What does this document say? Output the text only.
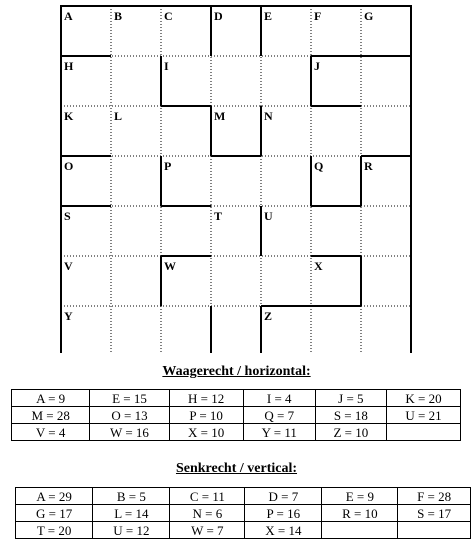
A	B	C	D	E	F	G
H	I	J
K	L	M	N
O	P	Q	R
S	T	U
V	W	X
Y	Z
Waagerecht / horizontal:
A = 9	E = 15	H = 12	I = 4	J = 5	K = 20
M = 28	O = 13	P = 10	Q = 7	S = 18	U = 21
V = 4	W = 16	X = 10	Y = 11	Z = 10	
Senkrecht / vertical:
A = 29	B = 5	C = 11	D = 7	E = 9	F = 28
G = 17	L = 14	N = 6	P = 16	R = 10	S = 17
T = 20	U = 12	W = 7	X = 14		
